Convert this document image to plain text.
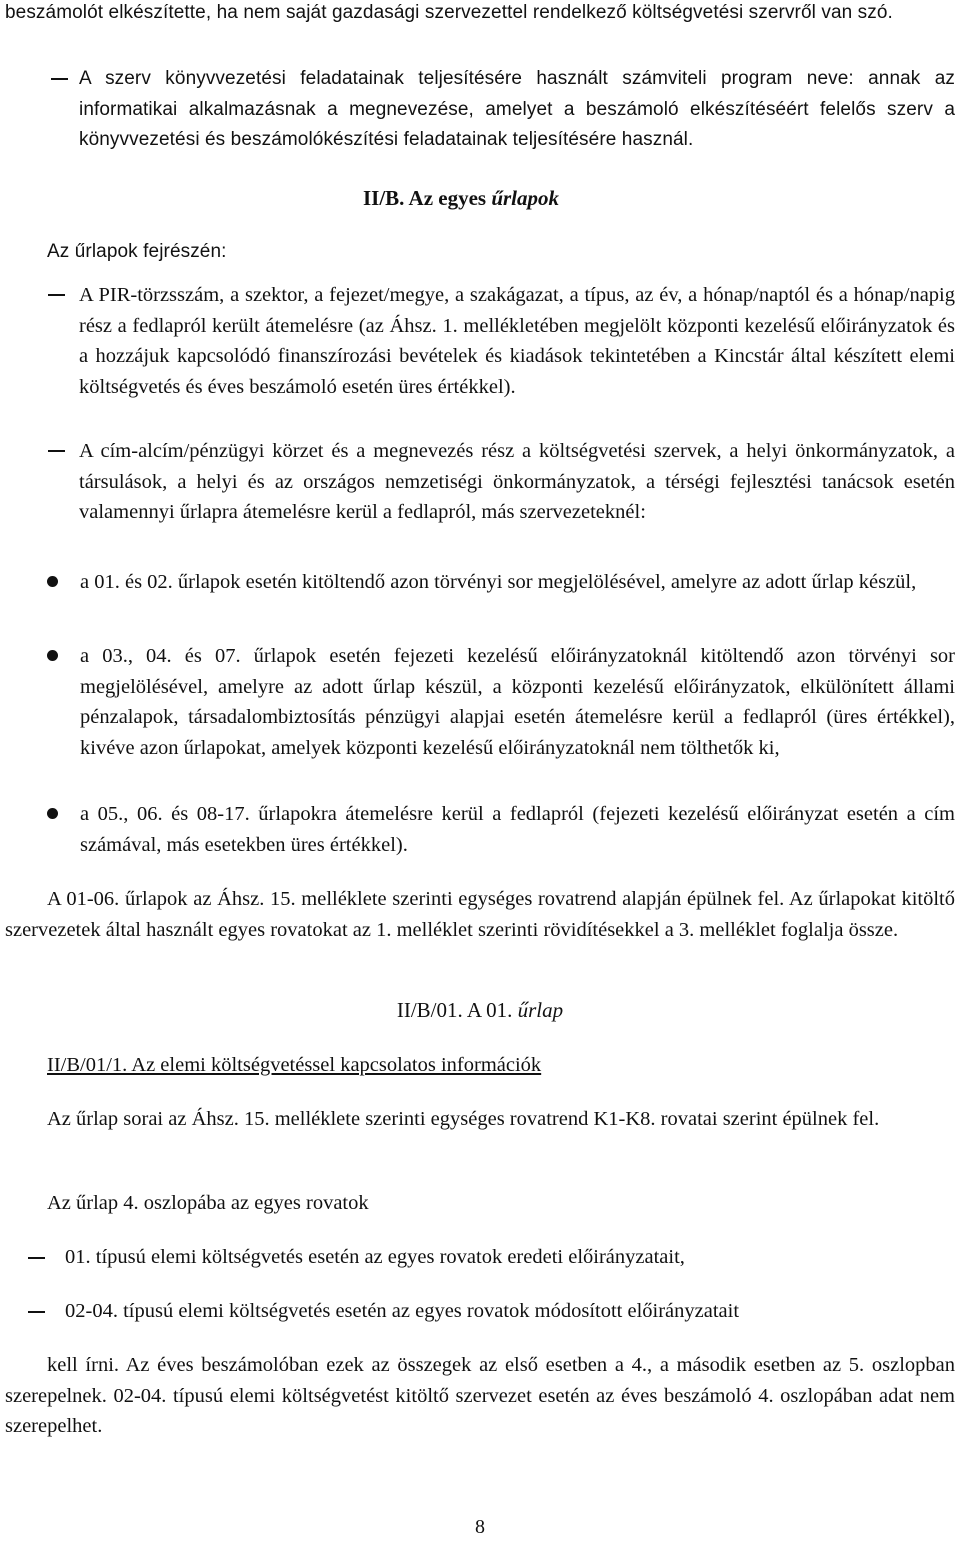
beszámolót elkészítette, ha nem saját gazdasági szervezettel rendelkező költségvetési szervről van szó.

A szerv könyvvezetési feladatainak teljesítésére használt számviteli program neve: annak az informatikai alkalmazásnak a megnevezése, amelyet a beszámoló elkészítéséért felelős szerv a könyvvezetési és beszámolókészítési feladatainak teljesítésére használ.

II/B. Az egyes űrlapok
Az űrlapok fejrészén:

A PIR-törzsszám, a szektor, a fejezet/megye, a szakágazat, a típus, az év, a hónap/naptól és a hónap/napig rész a fedlapról került átemelésre (az Áhsz. 1. mellékletében megjelölt központi kezelésű előirányzatok és a hozzájuk kapcsolódó finanszírozási bevételek és kiadások tekintetében a Kincstár által készített elemi költségvetés és éves beszámoló esetén üres értékkel).

A cím-alcím/pénzügyi körzet és a megnevezés rész a költségvetési szervek, a helyi önkormányzatok, a társulások, a helyi és az országos nemzetiségi önkormányzatok, a térségi fejlesztési tanácsok esetén valamennyi űrlapra átemelésre kerül a fedlapról, más szervezeteknél:

a 01. és 02. űrlapok esetén kitöltendő azon törvényi sor megjelölésével, amelyre az adott űrlap készül,

a 03., 04. és 07. űrlapok esetén fejezeti kezelésű előirányzatoknál kitöltendő azon törvényi sor megjelölésével, amelyre az adott űrlap készül, a központi kezelésű előirányzatok, elkülönített állami pénzalapok, társadalombiztosítás pénzügyi alapjai esetén átemelésre kerül a fedlapról (üres értékkel), kivéve azon űrlapokat, amelyek központi kezelésű előirányzatoknál nem tölthetők ki,

a 05., 06. és 08-17. űrlapokra átemelésre kerül a fedlapról (fejezeti kezelésű előirányzat esetén a cím számával, más esetekben üres értékkel).

A 01-06. űrlapok az Áhsz. 15. melléklete szerinti egységes rovatrend alapján épülnek fel. Az űrlapokat kitöltő szervezetek által használt egyes rovatokat az 1. melléklet szerinti rövidítésekkel a 3. melléklet foglalja össze.

II/B/01. A 01. űrlap
II/B/01/1. Az elemi költségvetéssel kapcsolatos információk

Az űrlap sorai az Áhsz. 15. melléklete szerinti egységes rovatrend K1-K8. rovatai szerint épülnek fel.

Az űrlap 4. oszlopába az egyes rovatok
01. típusú elemi költségvetés esetén az egyes rovatok eredeti előirányzatait,
02-04. típusú elemi költségvetés esetén az egyes rovatok módosított előirányzatait

kell írni. Az éves beszámolóban ezek az összegek az első esetben a 4., a második esetben az 5. oszlopban szerepelnek. 02-04. típusú elemi költségvetést kitöltő szervezet esetén az éves beszámoló 4. oszlopában adat nem szerepelhet.

8
